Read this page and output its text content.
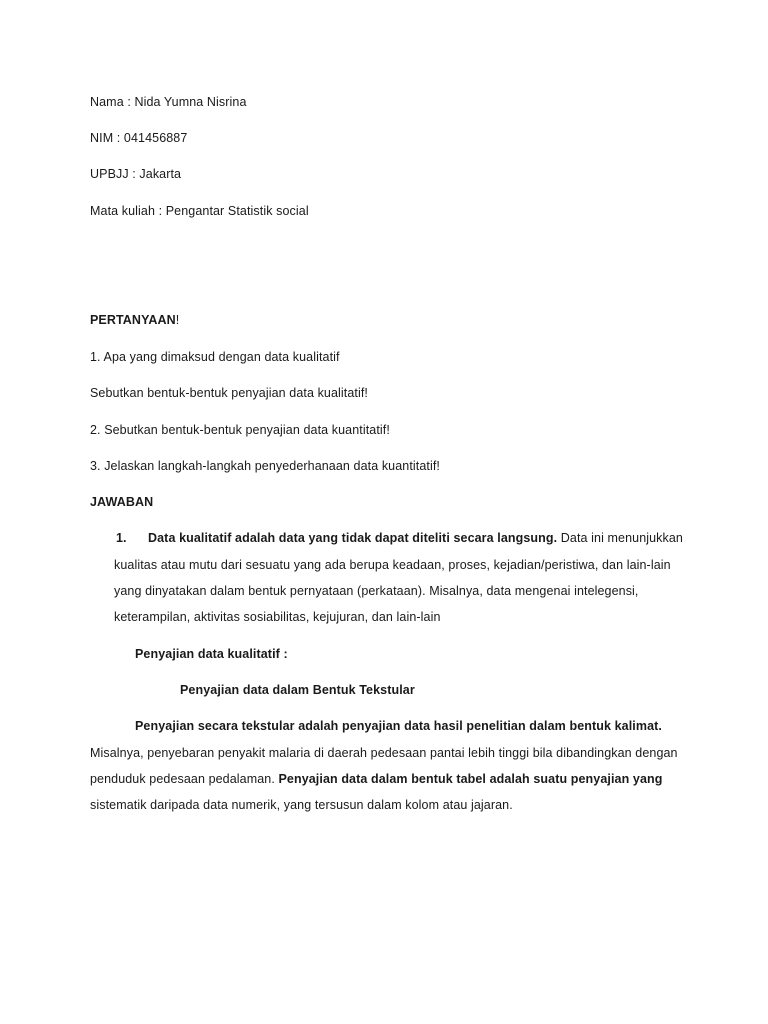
Nama : Nida Yumna Nisrina
NIM : 041456887
UPBJJ : Jakarta
Mata kuliah : Pengantar Statistik social
PERTANYAAN!
1. Apa yang dimaksud dengan data kualitatif
Sebutkan bentuk-bentuk penyajian data kualitatif!
2. Sebutkan bentuk-bentuk penyajian data kuantitatif!
3. Jelaskan langkah-langkah penyederhanaan data kuantitatif!
JAWABAN
1. Data kualitatif adalah data yang tidak dapat diteliti secara langsung. Data ini menunjukkan
kualitas atau mutu dari sesuatu yang ada berupa keadaan, proses, kejadian/peristiwa, dan lain-lain
yang dinyatakan dalam bentuk pernyataan (perkataan). Misalnya, data mengenai intelegensi,
keterampilan, aktivitas sosiabilitas, kejujuran, dan lain-lain
Penyajian data kualitatif :
Penyajian data dalam Bentuk Tekstular
Penyajian secara tekstular adalah penyajian data hasil penelitian dalam bentuk kalimat.
Misalnya, penyebaran penyakit malaria di daerah pedesaan pantai lebih tinggi bila dibandingkan dengan
penduduk pedesaan pedalaman. Penyajian data dalam bentuk tabel adalah suatu penyajian yang
sistematik daripada data numerik, yang tersusun dalam kolom atau jajaran.
